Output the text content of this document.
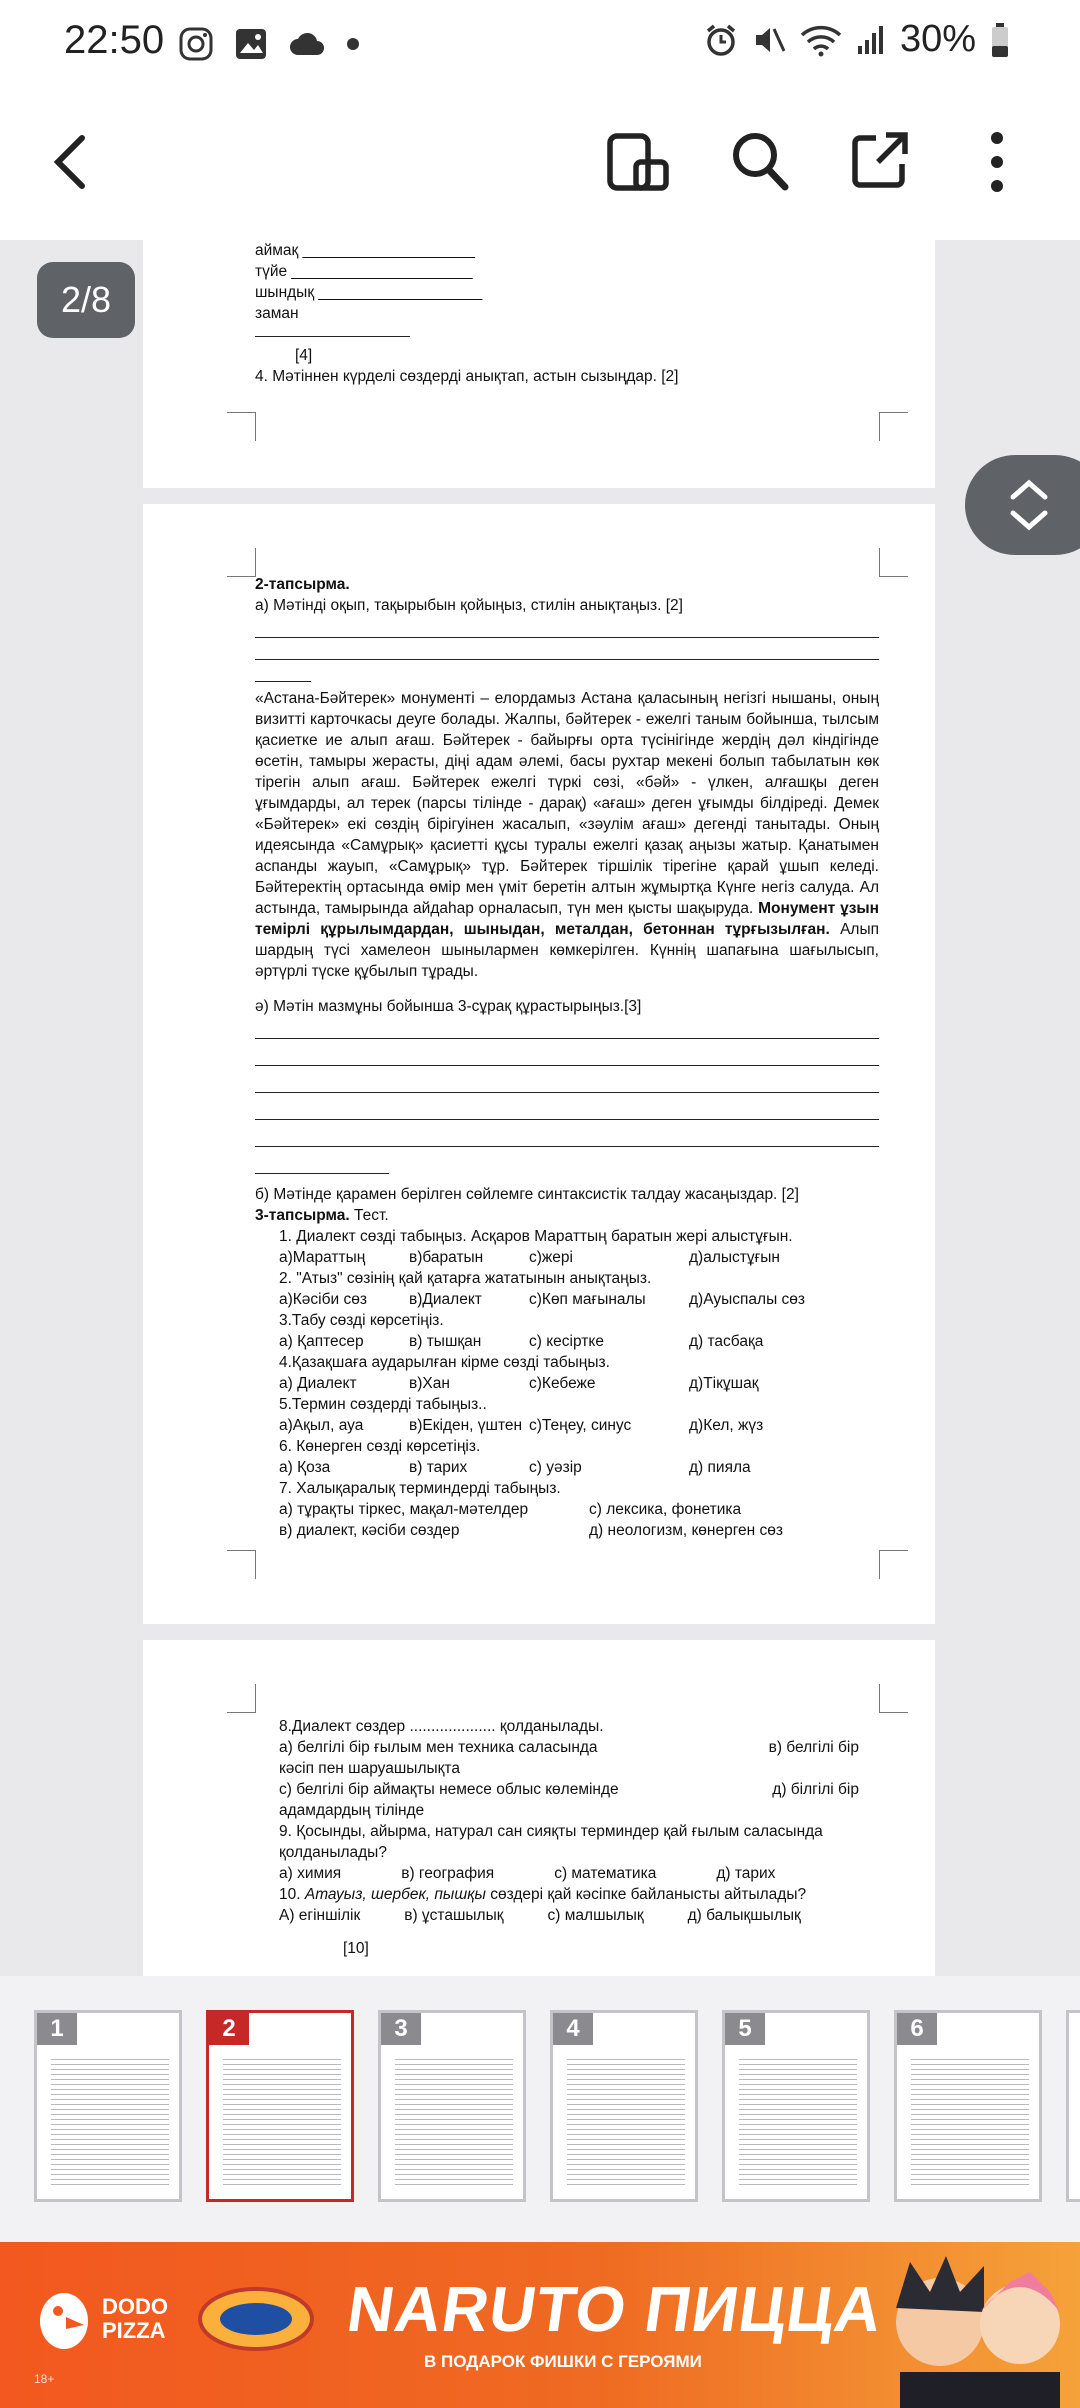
22:50	30%

аймақ ____________________

түйе _____________________

шындық ___________________

заман

[4]

4. Мәтіннен күрделі сөздерді анықтап, астын сызыңдар. [2]

2-тапсырма.

а) Мәтінді оқып, тақырыбын қойыңыз, стилін анықтаңыз. [2]

«Астана-Бәйтерек» монументі – елордамыз Астана қаласының негізгі нышаны, оның визитті карточкасы деуге болады. Жалпы, бәйтерек - ежелгі таным бойынша, тылсым қасиетке ие алып ағаш. Бәйтерек - байырғы орта түсінігінде жердің дәл кіндігінде өсетін, тамыры жерасты, діңі адам әлемі, басы рухтар мекені болып табылатын көк тірегін алып ағаш. Бәйтерек ежелгі түркі сөзі, «бәй» - үлкен, алғашқы деген ұғымдарды, ал терек (парсы тілінде - дарақ) «ағаш» деген ұғымды білдіреді. Демек «Бәйтерек» екі сөздің бірігуінен жасалып, «зәулім ағаш» дегенді танытады. Оның идеясында «Самұрық» қасиетті құсы туралы ежелгі қазақ аңызы жатыр. Қанатымен аспанды жауып, «Самұрық» тұр. Бәйтерек тіршілік тірегіне қарай ұшып келеді. Бәйтеректің ортасында өмір мен үміт беретін алтын жұмыртқа Күнге негіз салуда. Ал астында, тамырында айдаһар орналасып, түн мен қысты шақыруда. Монумент ұзын темірлі құрылымдардан, шыныдан, металдан, бетоннан тұрғызылған. Алып шардың түсі хамелеон шынылармен көмкерілген. Күннің шапағына шағылысып, әртүрлі түске құбылып тұрады.

ә) Мәтін мазмұны бойынша 3-сұрақ құрастырыңыз.[3]

б) Мәтінде қарамен берілген сөйлемге синтаксистік талдау жасаңыздар. [2]

3-тапсырма. Тест.

1. Диалект сөзді табыңыз. Асқаров Мараттың баратын жері алыстұғын.

а)Мараттың	в)баратын	с)жері	д)алыстұғын

2. "Атыз" сөзінің қай қатарға жататынын анықтаңыз.

а)Кәсіби сөз	в)Диалект	с)Көп мағыналы	д)Ауыспалы сөз

3.Табу сөзді көрсетіңіз.

а) Қаптесер	в) тышқан	с) кесіртке	д) тасбақа

4.Қазақшаға аударылған кірме сөзді табыңыз.

а) Диалект	в)Хан	с)Кебеже	д)Тікұшақ

5.Термин сөздерді табыңыз..

а)Ақыл, ауа	в)Екіден, үштен с)Теңеу, синус	д)Кел, жүз

6. Көнерген сөзді көрсетіңіз.

а) Қоза	в) тарих	с) уәзір	д) пияла

7. Халықаралық терминдерді табыңыз.

а) тұрақты тіркес, мақал-мәтелдер	с) лексика, фонетика

в) диалект, кәсіби сөздер	д) неологизм, көнерген сөз

8.Диалект сөздер .................... қолданылады.

а) белгілі бір ғылым мен техника саласында	в) белгілі бір

кәсіп пен шаруашылықта

с) белгілі бір аймақты немесе облыс көлемінде	д) білгілі бір

адамдардың тілінде

9. Қосынды, айырма, натурал сан сияқты терминдер қай ғылым саласында қолданылады?

а) химия	в) география	с) математика	д) тарих

10. Атауыз, шербек, пышқы сөздері қай кәсіпке байланысты айтылады?

А) егіншілік	в) ұсташылық	с) малшылық	д) балықшылық

[10]

2/8
1	2	3	4	5	6
DODO
PIZZA	NARUTO ПИЦЦА
В ПОДАРОК ФИШКИ С ГЕРОЯМИ
18+
